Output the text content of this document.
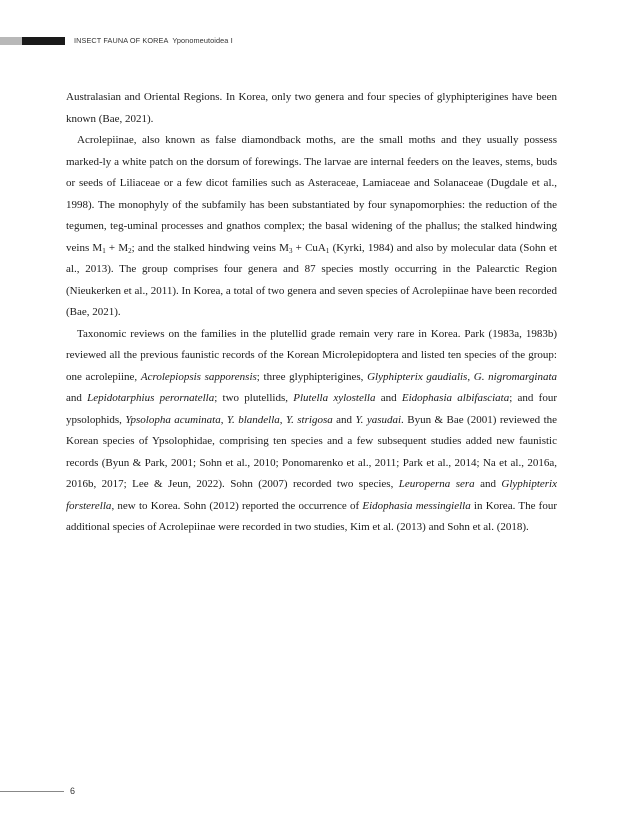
INSECT FAUNA OF KOREA Yponomeutoidea Ⅰ

Australasian and Oriental Regions. In Korea, only two genera and four species of glyphipterigines have been known (Bae, 2021).

Acrolepiinae, also known as false diamondback moths, are the small moths and they usually possess marked-ly a white patch on the dorsum of forewings. The larvae are internal feeders on the leaves, stems, buds or seeds of Liliaceae or a few dicot families such as Asteraceae, Lamiaceae and Solanaceae (Dugdale et al., 1998). The monophyly of the subfamily has been substantiated by four synapomorphies: the reduction of the tegumen, teg-uminal processes and gnathos complex; the basal widening of the phallus; the stalked hindwing veins $M_1 + M_2$; and the stalked hindwing veins $M_3 + CuA_1$ (Kyrki, 1984) and also by molecular data (Sohn et al., 2013). The group comprises four genera and 87 species mostly occurring in the Palearctic Region (Nieukerken et al., 2011). In Korea, a total of two genera and seven species of Acrolepiinae have been recorded (Bae, 2021).

Taxonomic reviews on the families in the plutellid grade remain very rare in Korea. Park (1983a, 1983b) reviewed all the previous faunistic records of the Korean Microlepidoptera and listed ten species of the group: one acrolepiine, Acrolepiopsis sapporensis; three glyphipterigines, Glyphipterix gaudialis, G. nigromarginata and Lepidotarphius perornatella; two plutellids, Plutella xylostella and Eidophasia albifasciata; and four ypsolophids, Ypsolopha acuminata, Y. blandella, Y. strigosa and Y. yasudai. Byun & Bae (2001) reviewed the Korean species of Ypsolophidae, comprising ten species and a few subsequent studies added new faunistic records (Byun & Park, 2001; Sohn et al., 2010; Ponomarenko et al., 2011; Park et al., 2014; Na et al., 2016a, 2016b, 2017; Lee & Jeun, 2022). Sohn (2007) recorded two species, Leuroperna sera and Glyphipterix forsterella, new to Korea. Sohn (2012) reported the occurrence of Eidophasia messingiella in Korea. The four additional species of Acrolepiinae were recorded in two studies, Kim et al. (2013) and Sohn et al. (2018).

6
